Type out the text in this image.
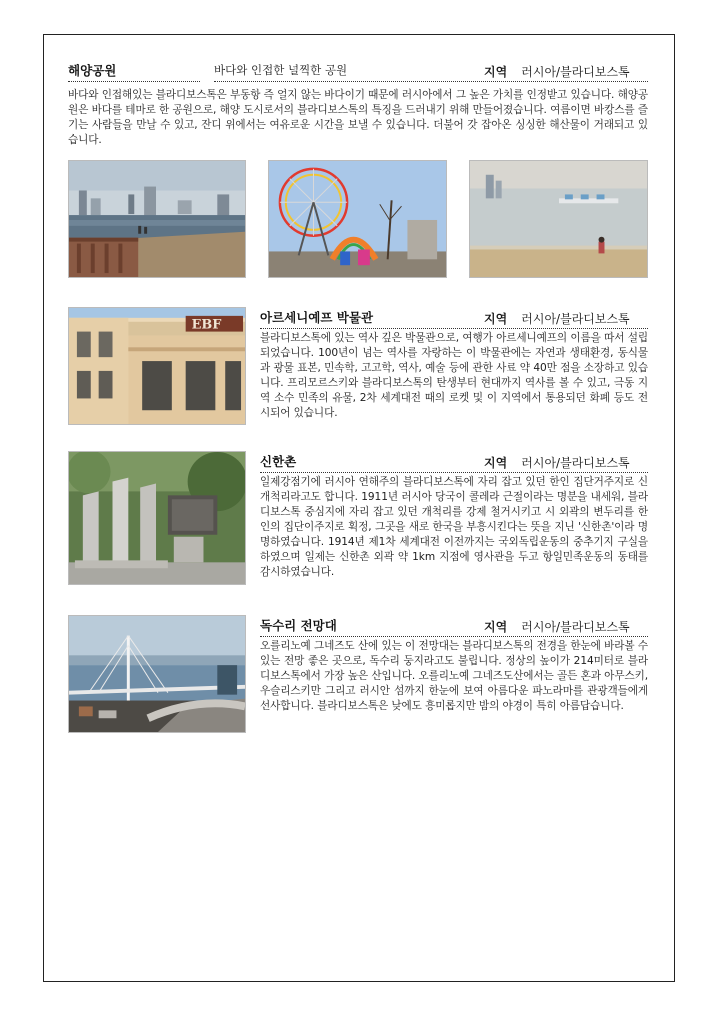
해양공원	바다와 인접한 널찍한 공원	지역 러시아/블라디보스톡
바다와 인접해있는 블라디보스톡은 부동항 즉 얼지 않는 바다이기 때문에 러시아에서 그 높은 가치를 인정받고 있습니다. 해양공원은 바다를 테마로 한 공원으로, 해양 도시로서의 블라디보스톡의 특징을 드러내기 위해 만들어졌습니다. 여름이면 바캉스를 즐기는 사람들을 만날 수 있고, 잔디 위에서는 여유로운 시간을 보낼 수 있습니다. 더불어 갓 잡아온 싱싱한 해산물이 거래되고 있습니다.
EBF
아르세니예프 박물관	지역 러시아/블라디보스톡
블라디보스톡에 있는 역사 깊은 박물관으로, 여행가 아르세니예프의 이름을 따서 설립되었습니다. 100년이 넘는 역사를 자랑하는 이 박물관에는 자연과 생태환경, 동식물과 광물 표본, 민속학, 고고학, 역사, 예술 등에 관한 사료 약 40만 점을 소장하고 있습니다. 프리모르스키와 블라디보스톡의 탄생부터 현대까지 역사를 볼 수 있고, 극동 지역 소수 민족의 유물, 2차 세계대전 때의 로켓 및 이 지역에서 통용되던 화폐 등도 전시되어 있습니다.
신한촌	지역 러시아/블라디보스톡
일제강점기에 러시아 연해주의 블라디보스톡에 자리 잡고 있던 한인 집단거주지로 신개척리라고도 합니다. 1911년 러시아 당국이 콜레라 근절이라는 명분을 내세워, 블라디보스톡 중심지에 자리 잡고 있던 개척리를 강제 철거시키고 시 외곽의 변두리를 한인의 집단이주지로 획정, 그곳을 새로 한국을 부흥시킨다는 뜻을 지닌 '신한촌'이라 명명하였습니다. 1914년 제1차 세계대전 이전까지는 국외독립운동의 중추기지 구실을 하였으며 일제는 신한촌 외곽 약 1km 지점에 영사관을 두고 항일민족운동의 동태를 감시하였습니다.
독수리 전망대	지역 러시아/블라디보스톡
오를리노예 그네즈도 산에 있는 이 전망대는 블라디보스톡의 전경을 한눈에 바라볼 수 있는 전망 좋은 곳으로, 독수리 둥지라고도 불립니다. 정상의 높이가 214미터로 블라디보스톡에서 가장 높은 산입니다. 오를리노예 그네즈도산에서는 골든 혼과 아무스키, 우슬리스키만 그리고 러시안 섬까지 한눈에 보여 아름다운 파노라마를 관광객들에게 선사합니다. 블라디보스톡은 낮에도 흥미롭지만 밤의 야경이 특히 아름답습니다.
